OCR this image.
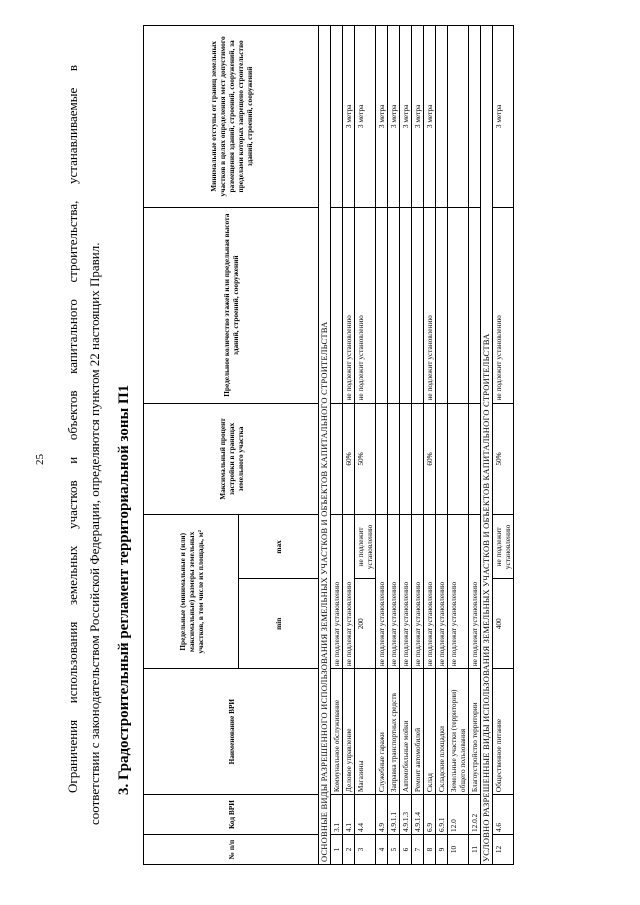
25 Ограничения использования земельных участков и объектов капитального строительства, устанавливаемые в соответствии с законодательством Российской Федерации, определяются пунктом 22 настоящих Правил. 3. Градостроительный регламент территориальной зоны П1
№ п/п	Код ВРИ	Наименование ВРИ	Предельные (минимальные и (или) максимальные) размеры земельных участков, в том числе их площадь, м²		Максимальный процент застройки в границах земельного участка	Предельное количество этажей или предельная высота зданий, строений, сооружений	Минимальные отступы от границ земельных участков в целях определения мест допустимого размещения зданий, строений, сооружений, за пределами которых запрещено строительство зданий, строений, сооружений
			min	max			
ОСНОВНЫЕ ВИДЫ РАЗРЕШЕННОГО ИСПОЛЬЗОВАНИЯ ЗЕМЕЛЬНЫХ УЧАСТКОВ И ОБЪЕКТОВ КАПИТАЛЬНОГО СТРОИТЕЛЬСТВА							
1	3.1	Коммунальное обслуживание	не подлежат установлению				
2	4.1	Деловое управление	не подлежат установлению		60%	не подлежит установлению	3 метра
3	4.4	Магазины	200	не подлежит установлению	50%	не подлежит установлению	3 метра
4	4.9	Служебные гаражи	не подлежат установлению				3 метра
5	4.9.1.1	Заправка транспортных средств	не подлежат установлению				3 метра
6	4.9.1.3	Автомобильные мойки	не подлежат установлению				3 метра
7	4.9.1.4	Ремонт автомобилей	не подлежат установлению				3 метра
8	6.9	Склад	не подлежат установлению		60%	не подлежит установлению	3 метра
9	6.9.1	Складские площадки	не подлежат установлению				
10	12.0	Земельные участки (территории) общего пользования	не подлежат установлению				
11	12.0.2	Благоустройство территории	не подлежат установлению				
УСЛОВНО РАЗРЕШЕННЫЕ ВИДЫ ИСПОЛЬЗОВАНИЯ ЗЕМЕЛЬНЫХ УЧАСТКОВ И ОБЪЕКТОВ КАПИТАЛЬНОГО СТРОИТЕЛЬСТВА							
12	4.6	Общественное питание	400	не подлежит установлению	50%	не подлежит установлению	3 метра
